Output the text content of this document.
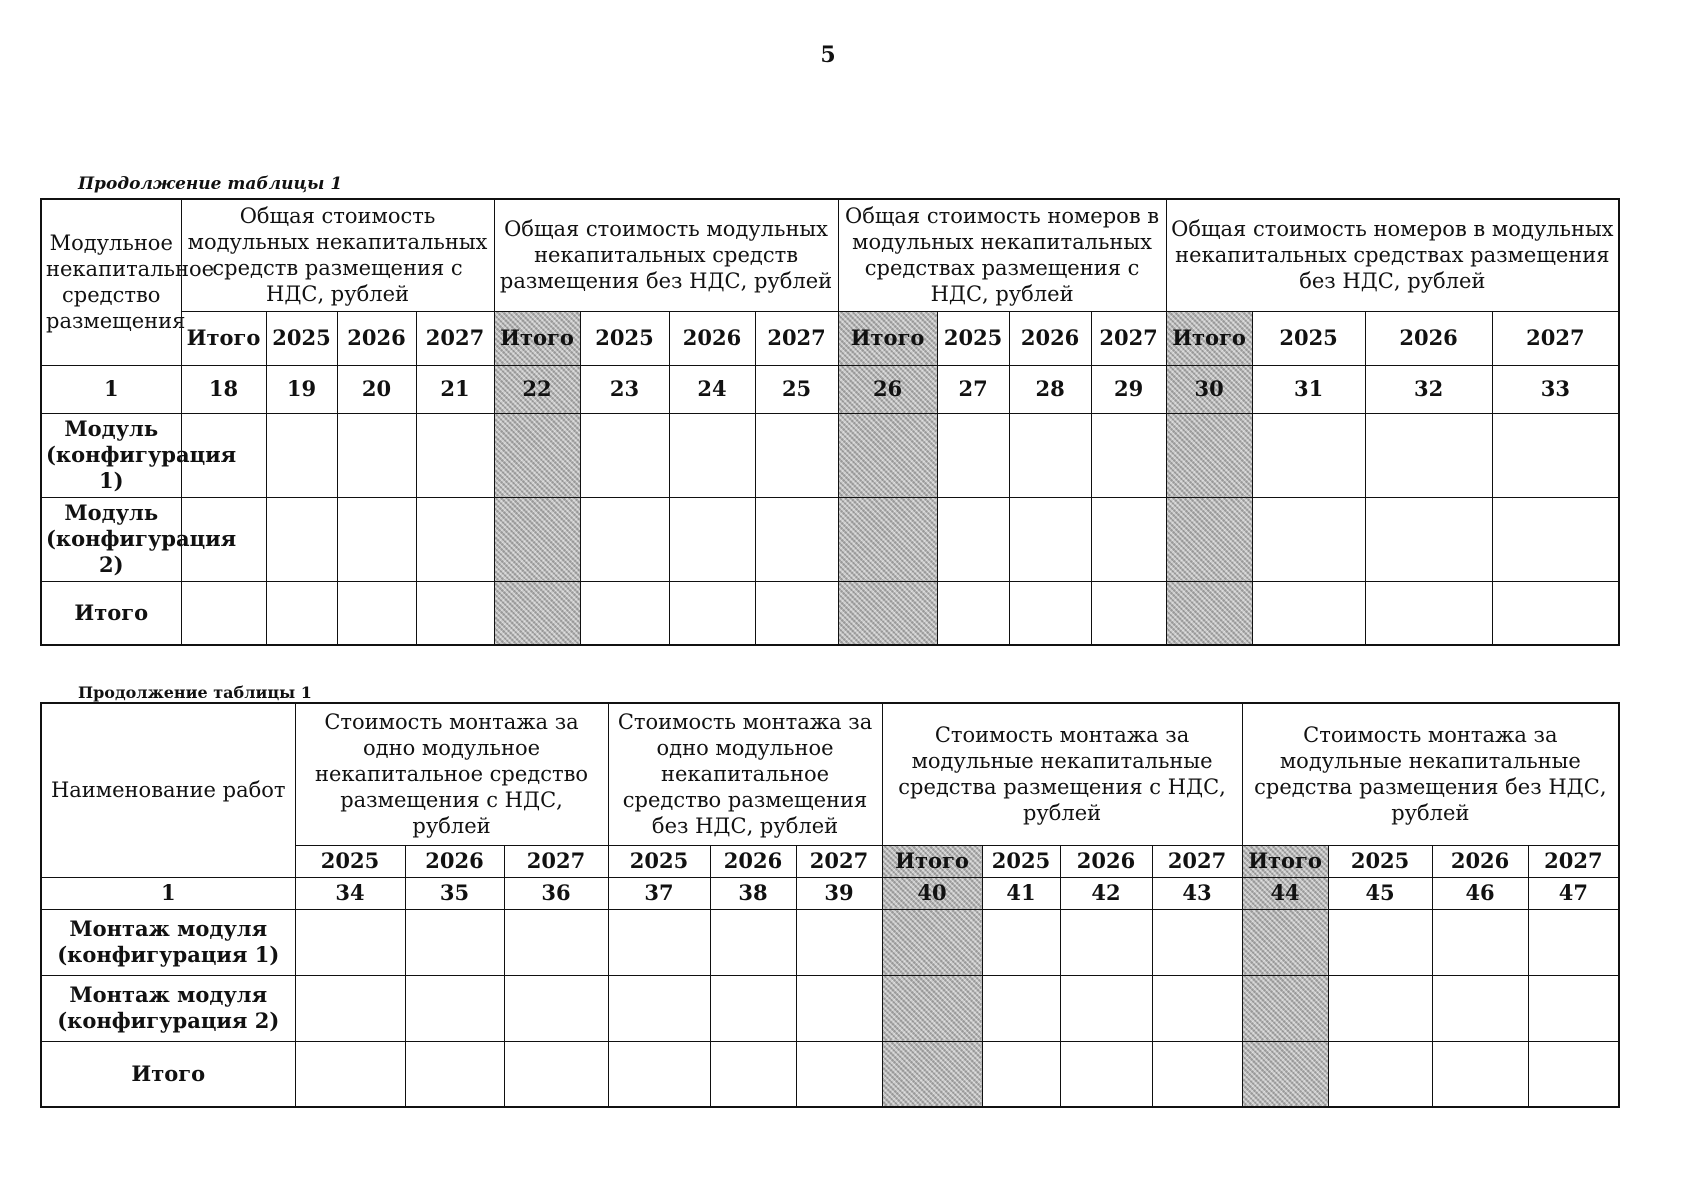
5
Продолжение таблицы 1
Модульное некапитальное средство размещения	Общая стоимость модульных некапитальных средств размещения с НДС, рублей				Общая стоимость модульных некапитальных средств размещения без НДС, рублей				Общая стоимость номеров в модульных некапитальных средствах размещения с НДС, рублей				Общая стоимость номеров в модульных некапитальных средствах размещения без НДС, рублей			
	Итого	2025	2026	2027	Итого	2025	2026	2027	Итого	2025	2026	2027	Итого	2025	2026	2027
1	18	19	20	21	22	23	24	25	26	27	28	29	30	31	32	33
Модуль (конфигурация 1)																
Модуль (конфигурация 2)																
Итого																
Продолжение таблицы 1
Наименование работ	Стоимость монтажа за одно модульное некапитальное средство размещения с НДС, рублей			Стоимость монтажа за одно модульное некапитальное средство размещения без НДС, рублей			Стоимость монтажа за модульные некапитальные средства размещения с НДС, рублей				Стоимость монтажа за модульные некапитальные средства размещения без НДС, рублей			
	2025	2026	2027	2025	2026	2027	Итого	2025	2026	2027	Итого	2025	2026	2027
1	34	35	36	37	38	39	40	41	42	43	44	45	46	47
Монтаж модуля (конфигурация 1)														
Монтаж модуля (конфигурация 2)														
Итого														
